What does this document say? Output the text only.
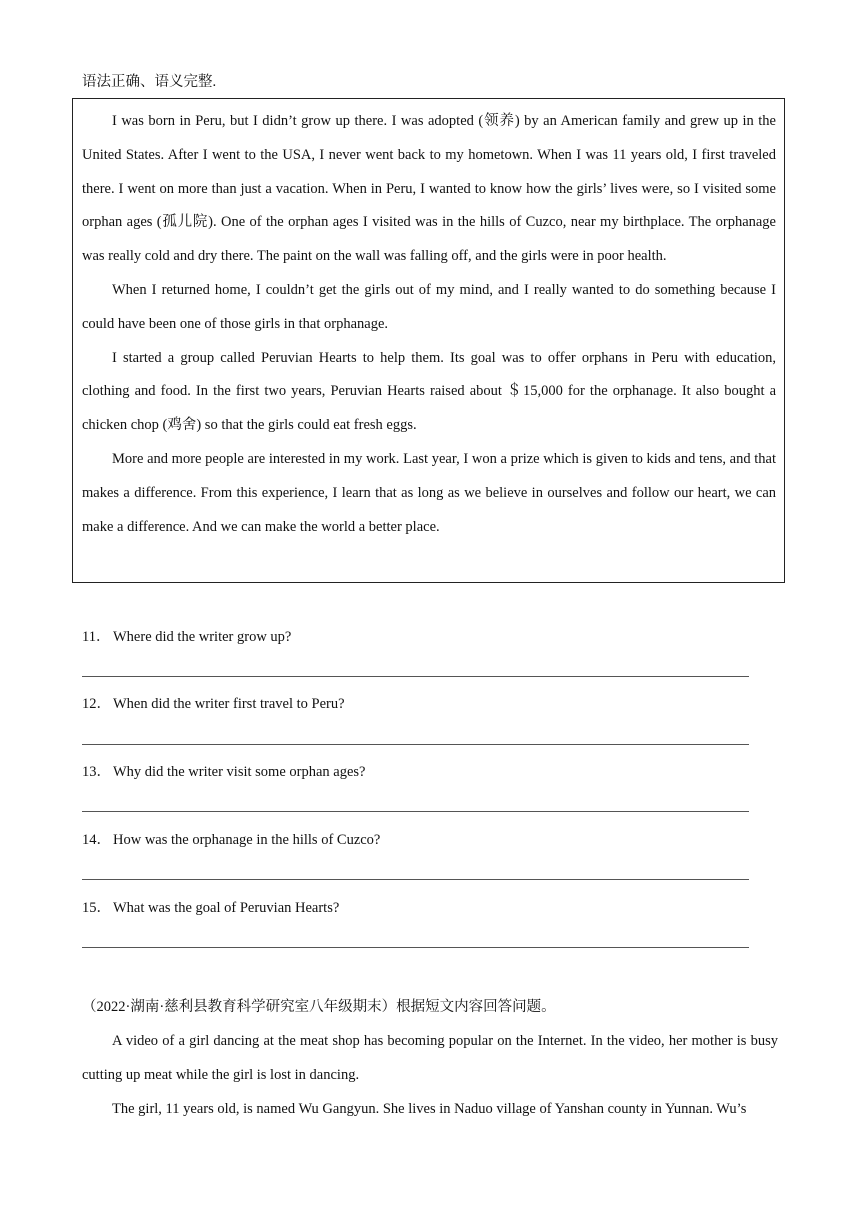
语法正确、语义完整.

I was born in Peru, but I didn’t grow up there. I was adopted (领养) by an American family and grew up in the United States. After I went to the USA, I never went back to my hometown. When I was 11 years old, I first traveled there. I went on more than just a vacation. When in Peru, I wanted to know how the girls’ lives were, so I visited some orphan ages (孤儿院). One of the orphan ages I visited was in the hills of Cuzco, near my birthplace. The orphanage was really cold and dry there. The paint on the wall was falling off, and the girls were in poor health.

When I returned home, I couldn’t get the girls out of my mind, and I really wanted to do something because I could have been one of those girls in that orphanage.

I started a group called Peruvian Hearts to help them. Its goal was to offer orphans in Peru with education, clothing and food. In the first two years, Peruvian Hearts raised about ＄15,000 for the orphanage. It also bought a chicken chop (鸡舍) so that the girls could eat fresh eggs.

More and more people are interested in my work. Last year, I won a prize which is given to kids and tens, and that makes a difference. From this experience, I learn that as long as we believe in ourselves and follow our heart, we can make a difference. And we can make the world a better place.

11． Where did the writer grow up?
12． When did the writer first travel to Peru?
13． Why did the writer visit some orphan ages?
14． How was the orphanage in the hills of Cuzco?
15． What was the goal of Peruvian Hearts?
（2022·湖南·慈利县教育科学研究室八年级期末）根据短文内容回答问题。

A video of a girl dancing at the meat shop has becoming popular on the Internet. In the video, her mother is busy cutting up meat while the girl is lost in dancing.

The girl, 11 years old, is named Wu Gangyun. She lives in Naduo village of Yanshan county in Yunnan. Wu’s
